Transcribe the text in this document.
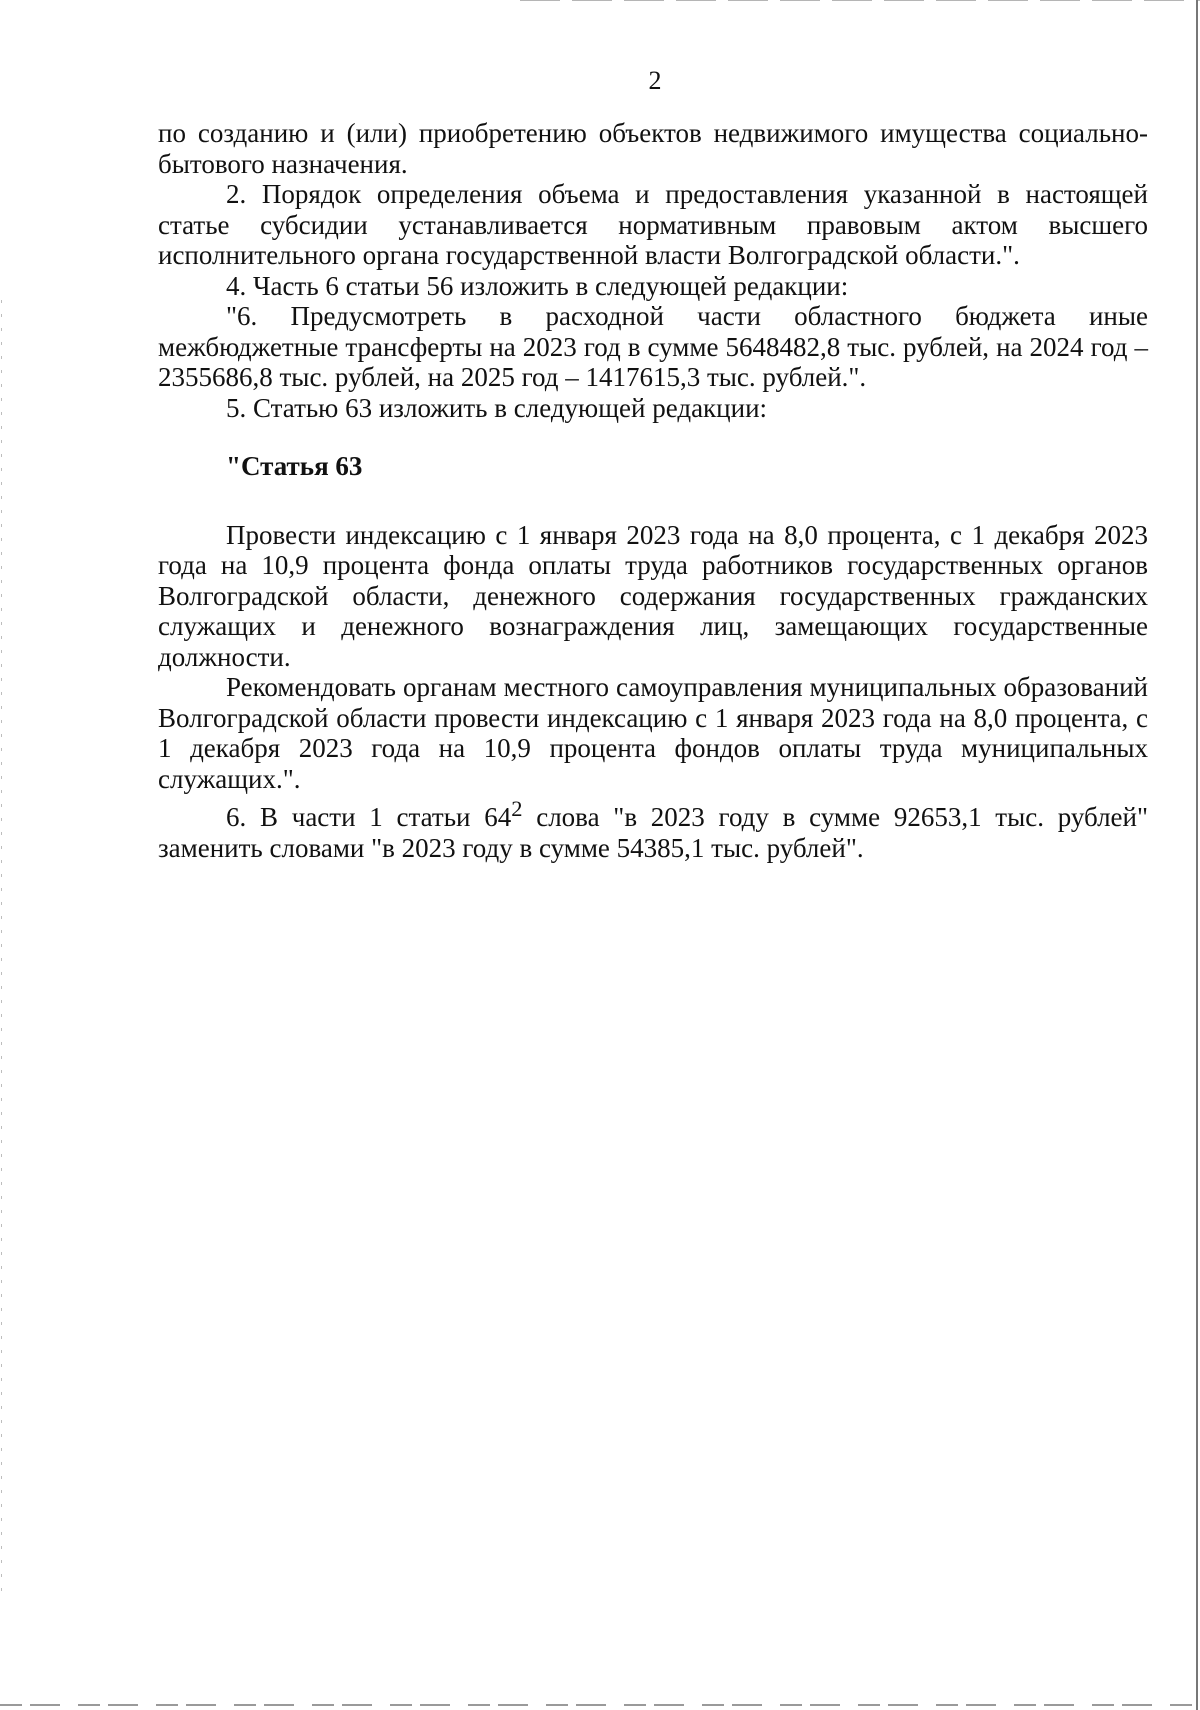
2

по созданию и (или) приобретению объектов недвижимого имущества социально-бытового назначения.

2. Порядок определения объема и предоставления указанной в настоящей статье субсидии устанавливается нормативным правовым актом высшего исполнительного органа государственной власти Волгоградской области.".

4. Часть 6 статьи 56 изложить в следующей редакции:

"6. Предусмотреть в расходной части областного бюджета иные межбюджетные трансферты на 2023 год в сумме 5648482,8 тыс. рублей, на 2024 год – 2355686,8 тыс. рублей, на 2025 год – 1417615,3 тыс. рублей.".

5. Статью 63 изложить в следующей редакции:

"Статья 63

Провести индексацию с 1 января 2023 года на 8,0 процента, с 1 декабря 2023 года на 10,9 процента фонда оплаты труда работников государственных органов Волгоградской области, денежного содержания государственных гражданских служащих и денежного вознаграждения лиц, замещающих государственные должности.

Рекомендовать органам местного самоуправления муниципальных образований Волгоградской области провести индексацию с 1 января 2023 года на 8,0 процента, с 1 декабря 2023 года на 10,9 процента фондов оплаты труда муниципальных служащих.".

6. В части 1 статьи $64^2$ слова "в 2023 году в сумме 92653,1 тыс. рублей" заменить словами "в 2023 году в сумме 54385,1 тыс. рублей".
